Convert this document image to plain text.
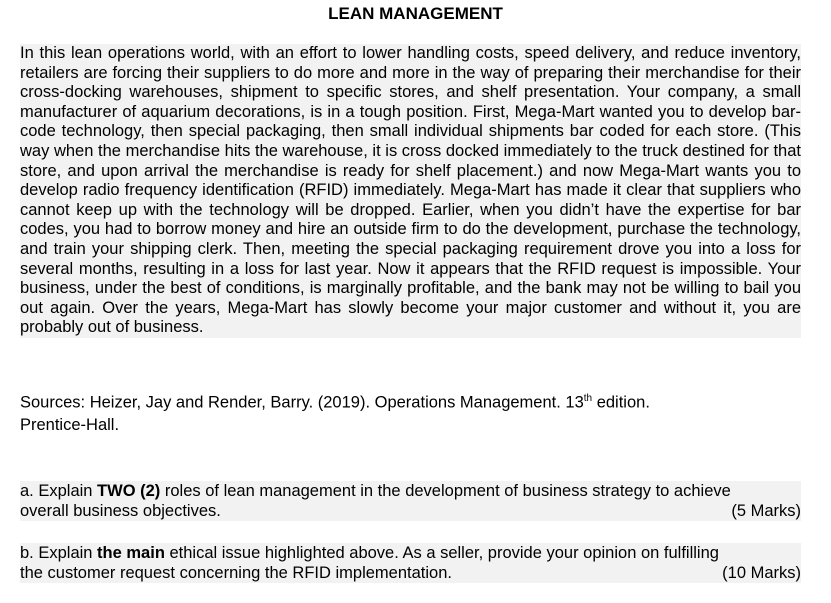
LEAN MANAGEMENT
In this lean operations world, with an effort to lower handling costs, speed delivery, and reduce inventory, retailers are forcing their suppliers to do more and more in the way of preparing their merchandise for their cross-docking warehouses, shipment to specific stores, and shelf presentation. Your company, a small manufacturer of aquarium decorations, is in a tough position. First, Mega-Mart wanted you to develop bar-code technology, then special packaging, then small individual shipments bar coded for each store. (This way when the merchandise hits the warehouse, it is cross docked immediately to the truck destined for that store, and upon arrival the merchandise is ready for shelf placement.) and now Mega-Mart wants you to develop radio frequency identification (RFID) immediately. Mega-Mart has made it clear that suppliers who cannot keep up with the technology will be dropped. Earlier, when you didn’t have the expertise for bar codes, you had to borrow money and hire an outside firm to do the development, purchase the technology, and train your shipping clerk. Then, meeting the special packaging requirement drove you into a loss for several months, resulting in a loss for last year. Now it appears that the RFID request is impossible. Your business, under the best of conditions, is marginally profitable, and the bank may not be willing to bail you out again. Over the years, Mega-Mart has slowly become your major customer and without it, you are probably out of business.
Sources: Heizer, Jay and Render, Barry. (2019). Operations Management. 13th edition.
Prentice-Hall.
a. Explain TWO (2) roles of lean management in the development of business strategy to achieve
overall business objectives.	(5 Marks)
b. Explain the main ethical issue highlighted above. As a seller, provide your opinion on fulfilling
the customer request concerning the RFID implementation.	(10 Marks)
